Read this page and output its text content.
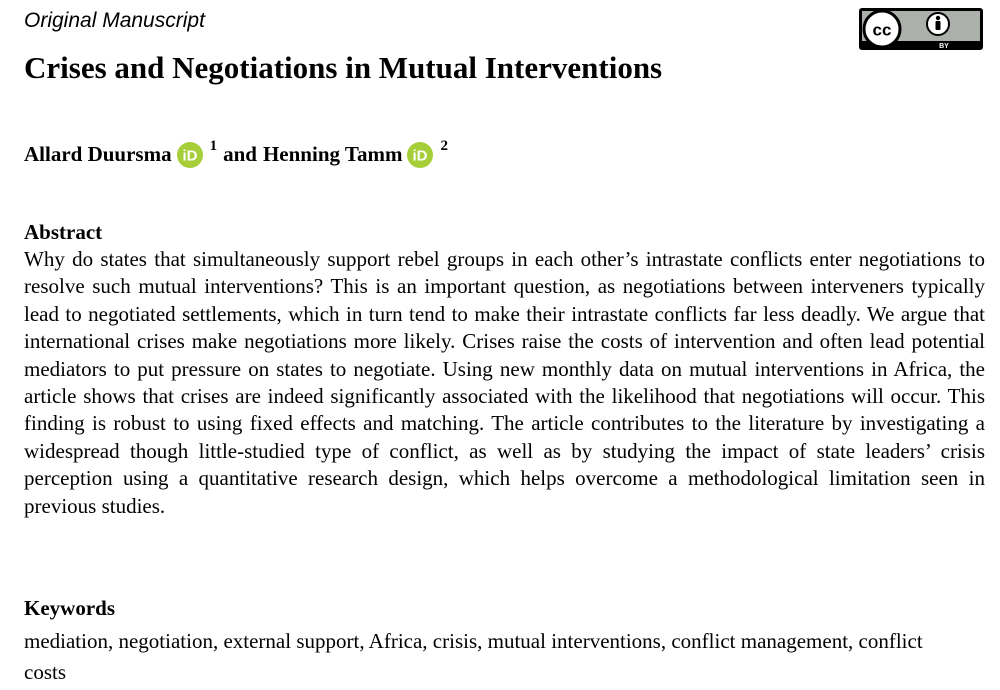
Original Manuscript	cc
BY
Crises and Negotiations in Mutual Interventions
Allard Duursma iD
1 and Henning Tamm iD
2
Abstract

Why do states that simultaneously support rebel groups in each other’s intrastate conflicts enter negotiations to resolve such mutual interventions? This is an important question, as negotiations between interveners typically lead to negotiated settlements, which in turn tend to make their intrastate conflicts far less deadly. We argue that international crises make negotiations more likely. Crises raise the costs of intervention and often lead potential mediators to put pressure on states to negotiate. Using new monthly data on mutual interventions in Africa, the article shows that crises are indeed significantly associated with the likelihood that negotiations will occur. This finding is robust to using fixed effects and matching. The article contributes to the literature by investigating a widespread though little-studied type of conflict, as well as by studying the impact of state leaders’ crisis perception using a quantitative research design, which helps overcome a methodological limitation seen in previous studies.

Keywords

mediation, negotiation, external support, Africa, crisis, mutual interventions, conflict management, conflict costs
